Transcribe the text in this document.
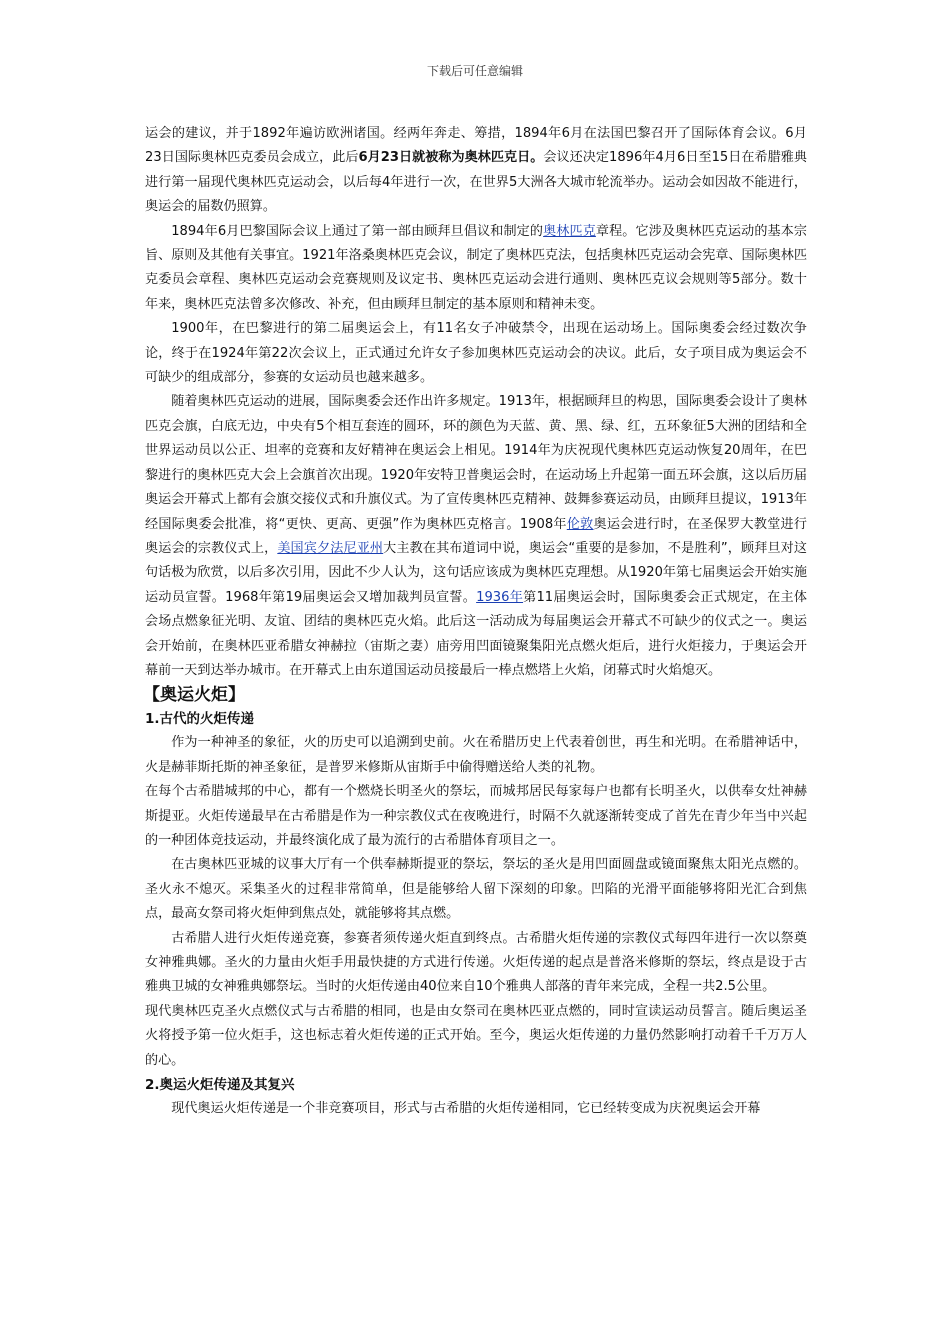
下载后可任意编辑

运会的建议，并于1892年遍访欧洲诸国。经两年奔走、筹措，1894年6月在法国巴黎召开了国际体育会议。6月23日国际奥林匹克委员会成立，此后6月23日就被称为奥林匹克日。会议还决定1896年4月6日至15日在希腊雅典进行第一届现代奥林匹克运动会，以后每4年进行一次，在世界5大洲各大城市轮流举办。运动会如因故不能进行，奥运会的届数仍照算。

1894年6月巴黎国际会议上通过了第一部由顾拜旦倡议和制定的奥林匹克章程。它涉及奥林匹克运动的基本宗旨、原则及其他有关事宜。1921年洛桑奥林匹克会议，制定了奥林匹克法，包括奥林匹克运动会宪章、国际奥林匹克委员会章程、奥林匹克运动会竞赛规则及议定书、奥林匹克运动会进行通则、奥林匹克议会规则等5部分。数十年来，奥林匹克法曾多次修改、补充，但由顾拜旦制定的基本原则和精神未变。

1900年，在巴黎进行的第二届奥运会上，有11名女子冲破禁令，出现在运动场上。国际奥委会经过数次争论，终于在1924年第22次会议上，正式通过允许女子参加奥林匹克运动会的决议。此后，女子项目成为奥运会不可缺少的组成部分，参赛的女运动员也越来越多。

随着奥林匹克运动的进展，国际奥委会还作出许多规定。1913年，根据顾拜旦的构思，国际奥委会设计了奥林匹克会旗，白底无边，中央有5个相互套连的圆环，环的颜色为天蓝、黄、黑、绿、红，五环象征5大洲的团结和全世界运动员以公正、坦率的竞赛和友好精神在奥运会上相见。1914年为庆祝现代奥林匹克运动恢复20周年，在巴黎进行的奥林匹克大会上会旗首次出现。1920年安特卫普奥运会时，在运动场上升起第一面五环会旗，这以后历届奥运会开幕式上都有会旗交接仪式和升旗仪式。为了宣传奥林匹克精神、鼓舞参赛运动员，由顾拜旦提议，1913年经国际奥委会批准，将“更快、更高、更强”作为奥林匹克格言。1908年伦敦奥运会进行时，在圣保罗大教堂进行奥运会的宗教仪式上，美国宾夕法尼亚州大主教在其布道词中说，奥运会“重要的是参加，不是胜利”，顾拜旦对这句话极为欣赏，以后多次引用，因此不少人认为，这句话应该成为奥林匹克理想。从1920年第七届奥运会开始实施运动员宣誓。1968年第19届奥运会又增加裁判员宣誓。1936年第11届奥运会时，国际奥委会正式规定，在主体会场点燃象征光明、友谊、团结的奥林匹克火焰。此后这一活动成为每届奥运会开幕式不可缺少的仪式之一。奥运会开始前，在奥林匹亚希腊女神赫拉（宙斯之妻）庙旁用凹面镜聚集阳光点燃火炬后，进行火炬接力，于奥运会开幕前一天到达举办城市。在开幕式上由东道国运动员接最后一棒点燃塔上火焰，闭幕式时火焰熄灭。

【奥运火炬】
1.古代的火炬传递

作为一种神圣的象征，火的历史可以追溯到史前。火在希腊历史上代表着创世，再生和光明。在希腊神话中，火是赫菲斯托斯的神圣象征，是普罗米修斯从宙斯手中偷得赠送给人类的礼物。

在每个古希腊城邦的中心，都有一个燃烧长明圣火的祭坛，而城邦居民每家每户也都有长明圣火，以供奉女灶神赫斯提亚。火炬传递最早在古希腊是作为一种宗教仪式在夜晚进行，时隔不久就逐渐转变成了首先在青少年当中兴起的一种团体竞技运动，并最终演化成了最为流行的古希腊体育项目之一。

在古奥林匹亚城的议事大厅有一个供奉赫斯提亚的祭坛，祭坛的圣火是用凹面圆盘或镜面聚焦太阳光点燃的。圣火永不熄灭。采集圣火的过程非常简单，但是能够给人留下深刻的印象。凹陷的光滑平面能够将阳光汇合到焦点，最高女祭司将火炬伸到焦点处，就能够将其点燃。

古希腊人进行火炬传递竞赛，参赛者须传递火炬直到终点。古希腊火炬传递的宗教仪式每四年进行一次以祭奠女神雅典娜。圣火的力量由火炬手用最快捷的方式进行传递。火炬传递的起点是普洛米修斯的祭坛，终点是设于古雅典卫城的女神雅典娜祭坛。当时的火炬传递由40位来自10个雅典人部落的青年来完成，全程一共2.5公里。

现代奥林匹克圣火点燃仪式与古希腊的相同，也是由女祭司在奥林匹亚点燃的，同时宣读运动员誓言。随后奥运圣火将授予第一位火炬手，这也标志着火炬传递的正式开始。至今，奥运火炬传递的力量仍然影响打动着千千万万人的心。

2.奥运火炬传递及其复兴

现代奥运火炬传递是一个非竞赛项目，形式与古希腊的火炬传递相同，它已经转变成为庆祝奥运会开幕
